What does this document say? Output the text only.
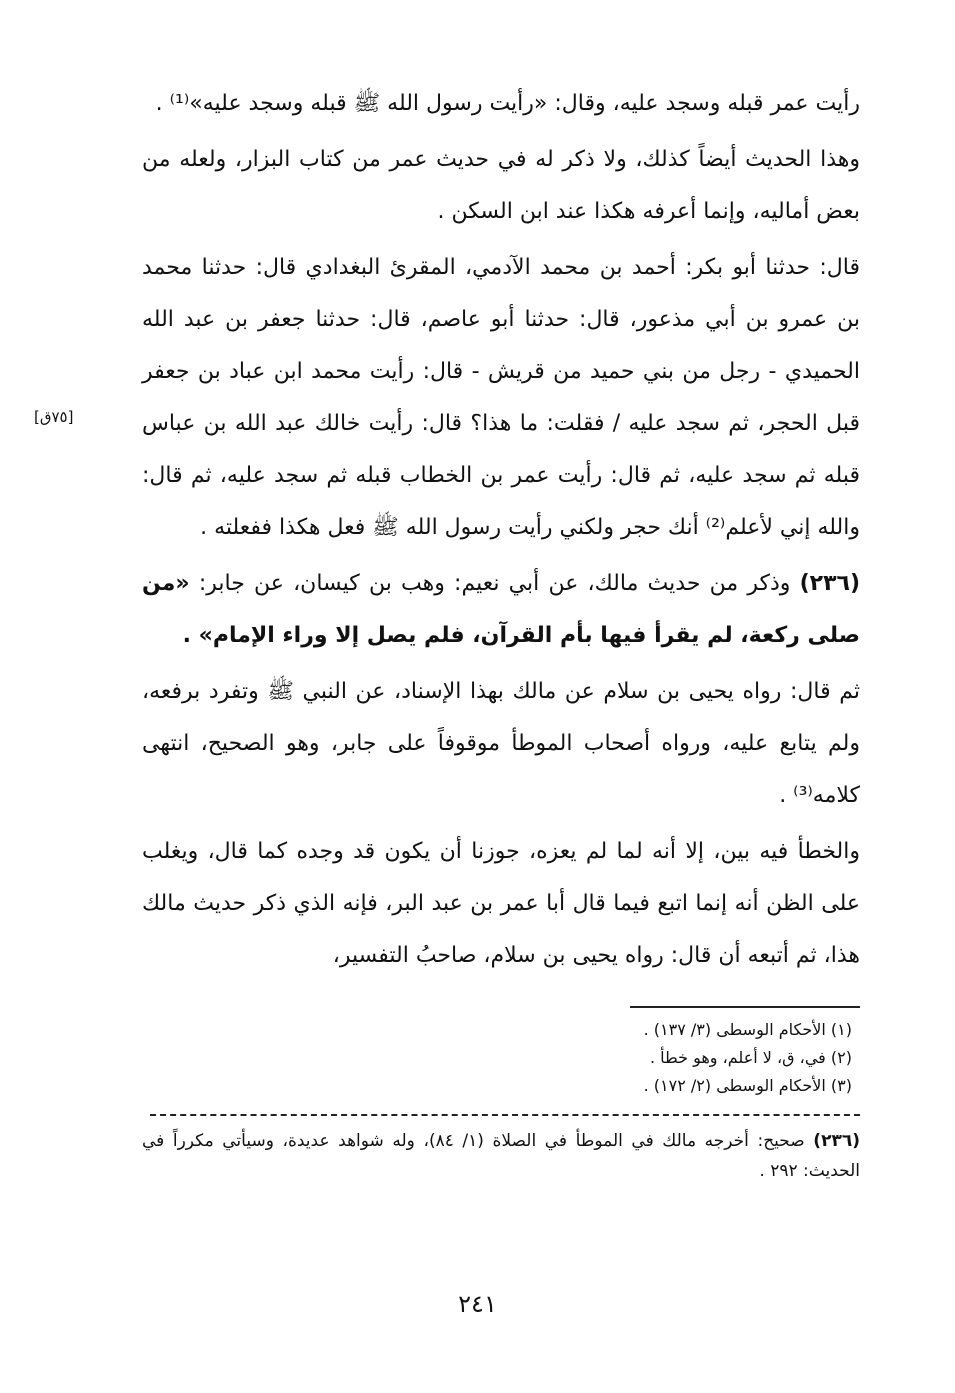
رأيت عمر قبله وسجد عليه، وقال: «رأيت رسول الله ﷺ قبله وسجد عليه»⁽¹⁾ .

وهذا الحديث أيضاً كذلك، ولا ذكر له في حديث عمر من كتاب البزار، ولعله من بعض أماليه، وإنما أعرفه هكذا عند ابن السكن .

قال: حدثنا أبو بكر: أحمد بن محمد الآدمي، المقرئ البغدادي قال: حدثنا محمد بن عمرو بن أبي مذعور، قال: حدثنا أبو عاصم، قال: حدثنا جعفر بن عبد الله الحميدي - رجل من بني حميد من قريش - قال: رأيت محمد ابن عباد بن جعفر قبل الحجر، ثم سجد عليه / فقلت: ما هذا؟ قال: رأيت خالك عبد الله بن عباس قبله ثم سجد عليه، ثم قال: رأيت عمر بن الخطاب قبله ثم سجد عليه، ثم قال: والله إني لأعلم⁽²⁾ أنك حجر ولكني رأيت رسول الله ﷺ فعل هكذا ففعلته .

(٢٣٦) وذكر من حديث مالك، عن أبي نعيم: وهب بن كيسان، عن جابر: «من صلى ركعة، لم يقرأ فيها بأم القرآن، فلم يصل إلا وراء الإمام» .

ثم قال: رواه يحيى بن سلام عن مالك بهذا الإسناد، عن النبي ﷺ وتفرد برفعه، ولم يتابع عليه، ورواه أصحاب الموطأ موقوفاً على جابر، وهو الصحيح، انتهى كلامه⁽³⁾ .

والخطأ فيه بين، إلا أنه لما لم يعزه، جوزنا أن يكون قد وجده كما قال، ويغلب على الظن أنه إنما اتبع فيما قال أبا عمر بن عبد البر، فإنه الذي ذكر حديث مالك هذا، ثم أتبعه أن قال: رواه يحيى بن سلام، صاحبُ التفسير،

(١) الأحكام الوسطى (٣/ ١٣٧) .

(٢) في، ق، لا أعلم، وهو خطأ .

(٣) الأحكام الوسطى (٢/ ١٧٢) .

(٢٣٦) صحيح: أخرجه مالك في الموطأ في الصلاة (١/ ٨٤)، وله شواهد عديدة، وسيأتي مكرراً في الحديث: ٢٩٢ .

[٧٥ق]
٢٤١
